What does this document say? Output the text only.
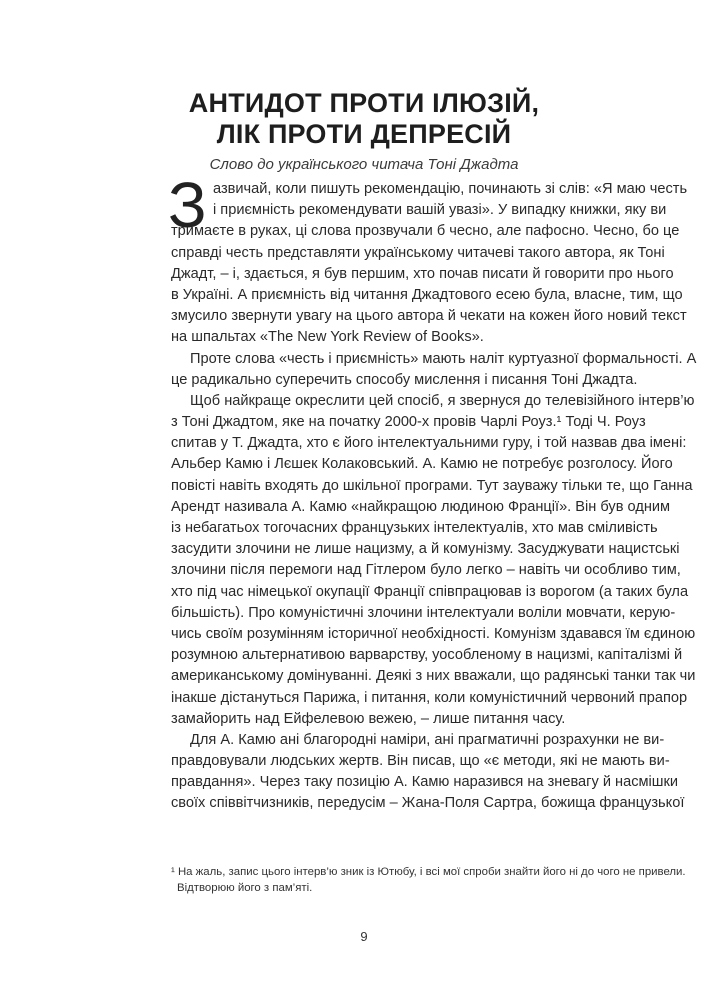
АНТИДОТ ПРОТИ ІЛЮЗІЙ,
ЛІК ПРОТИ ДЕПРЕСІЙ
Слово до українського читача Тоні Джадта
З азвичай, коли пишуть рекомендацію, починають зі слів: «Я маю честь
і приємність рекомендувати вашій увазі». У випадку книжки, яку ви
тримаєте в руках, ці слова прозвучали б чесно, але пафосно. Чесно, бо це
справді честь представляти українському читачеві такого автора, як Тоні
Джадт, – і, здається, я був першим, хто почав писати й говорити про нього
в Україні. А приємність від читання Джадтового есею була, власне, тим, що
змусило звернути увагу на цього автора й чекати на кожен його новий текст
на шпальтах «The New York Review of Books».
Проте слова «честь і приємність» мають наліт куртуазної формальності. А
це радикально суперечить способу мислення і писання Тоні Джадта.
Щоб найкраще окреслити цей спосіб, я звернуся до телевізійного інтерв’ю
з Тоні Джадтом, яке на початку 2000-х провів Чарлі Роуз.¹ Тоді Ч. Роуз
спитав у Т. Джадта, хто є його інтелектуальними гуру, і той назвав два імені:
Альбер Камю і Лєшек Колаковський. А. Камю не потребує розголосу. Його
повісті навіть входять до шкільної програми. Тут зауважу тільки те, що Ганна
Арендт називала А. Камю «найкращою людиною Франції». Він був одним
із небагатьох тогочасних французьких інтелектуалів, хто мав сміливість
засудити злочини не лише нацизму, а й комунізму. Засуджувати нацистські
злочини після перемоги над Гітлером було легко – навіть чи особливо тим,
хто під час німецької окупації Франції співпрацював із ворогом (а таких була
більшість). Про комуністичні злочини інтелектуали воліли мовчати, керую-
чись своїм розумінням історичної необхідності. Комунізм здавався їм єдиною
розумною альтернативою варварству, уособленому в нацизмі, капіталізмі й
американському домінуванні. Деякі з них вважали, що радянські танки так чи
інакше дістануться Парижа, і питання, коли комуністичний червоний прапор
замайорить над Ейфелевою вежею, – лише питання часу.
Для А. Камю ані благородні наміри, ані прагматичні розрахунки не ви-
правдовували людських жертв. Він писав, що «є методи, які не мають ви-
правдання». Через таку позицію А. Камю наразився на зневагу й насмішки
своїх співвітчизників, передусім – Жана-Поля Сартра, божища французької
¹ На жаль, запис цього інтерв’ю зник із Ютюбу, і всі мої спроби знайти його ні до чого не привели.
Відтворюю його з пам’яті.
9
